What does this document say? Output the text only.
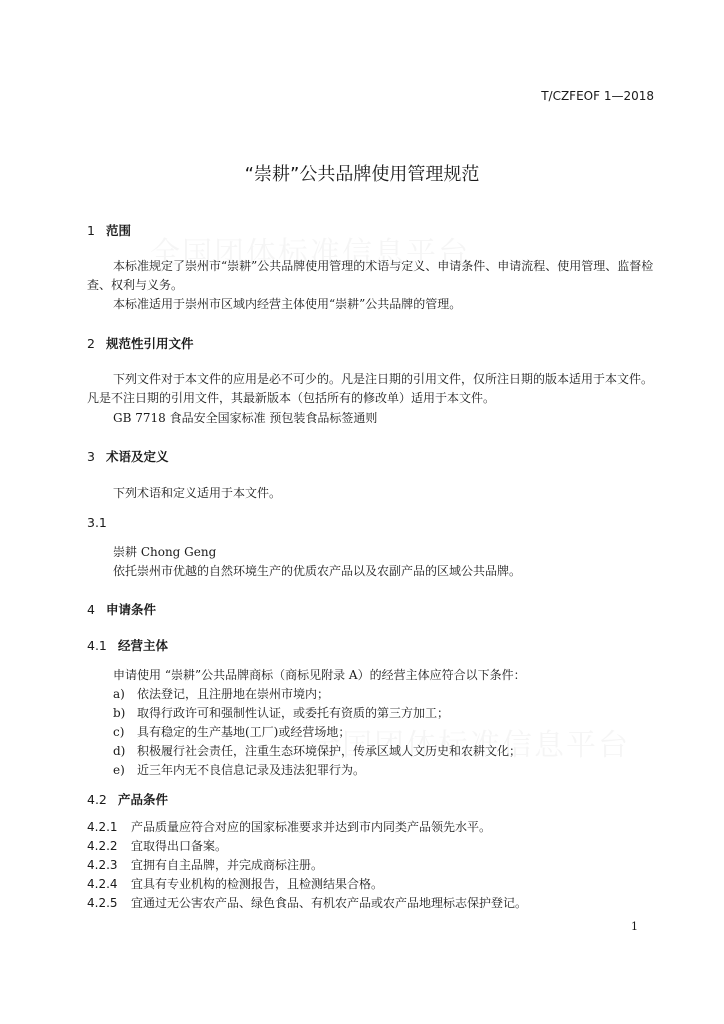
T/CZFEOF 1—2018
“崇耕”公共品牌使用管理规范
1 范围
本标准规定了崇州市“崇耕”公共品牌使用管理的术语与定义、申请条件、申请流程、使用管理、监督检查、权利与义务。
本标准适用于崇州市区域内经营主体使用“崇耕”公共品牌的管理。
2 规范性引用文件
下列文件对于本文件的应用是必不可少的。凡是注日期的引用文件，仅所注日期的版本适用于本文件。凡是不注日期的引用文件，其最新版本（包括所有的修改单）适用于本文件。
GB 7718 食品安全国家标准 预包装食品标签通则
3 术语及定义
下列术语和定义适用于本文件。
3.1
崇耕 Chong Geng
依托崇州市优越的自然环境生产的优质农产品以及农副产品的区域公共品牌。
4 申请条件
4.1 经营主体
申请使用 “崇耕”公共品牌商标（商标见附录 A）的经营主体应符合以下条件：
a) 依法登记，且注册地在崇州市境内；
b) 取得行政许可和强制性认证，或委托有资质的第三方加工；
c) 具有稳定的生产基地(工厂)或经营场地；
d) 积极履行社会责任，注重生态环境保护，传承区域人文历史和农耕文化；
e) 近三年内无不良信息记录及违法犯罪行为。
4.2 产品条件
4.2.1 产品质量应符合对应的国家标准要求并达到市内同类产品领先水平。
4.2.2 宜取得出口备案。
4.2.3 宜拥有自主品牌，并完成商标注册。
4.2.4 宜具有专业机构的检测报告，且检测结果合格。
4.2.5 宜通过无公害农产品、绿色食品、有机农产品或农产品地理标志保护登记。
1
